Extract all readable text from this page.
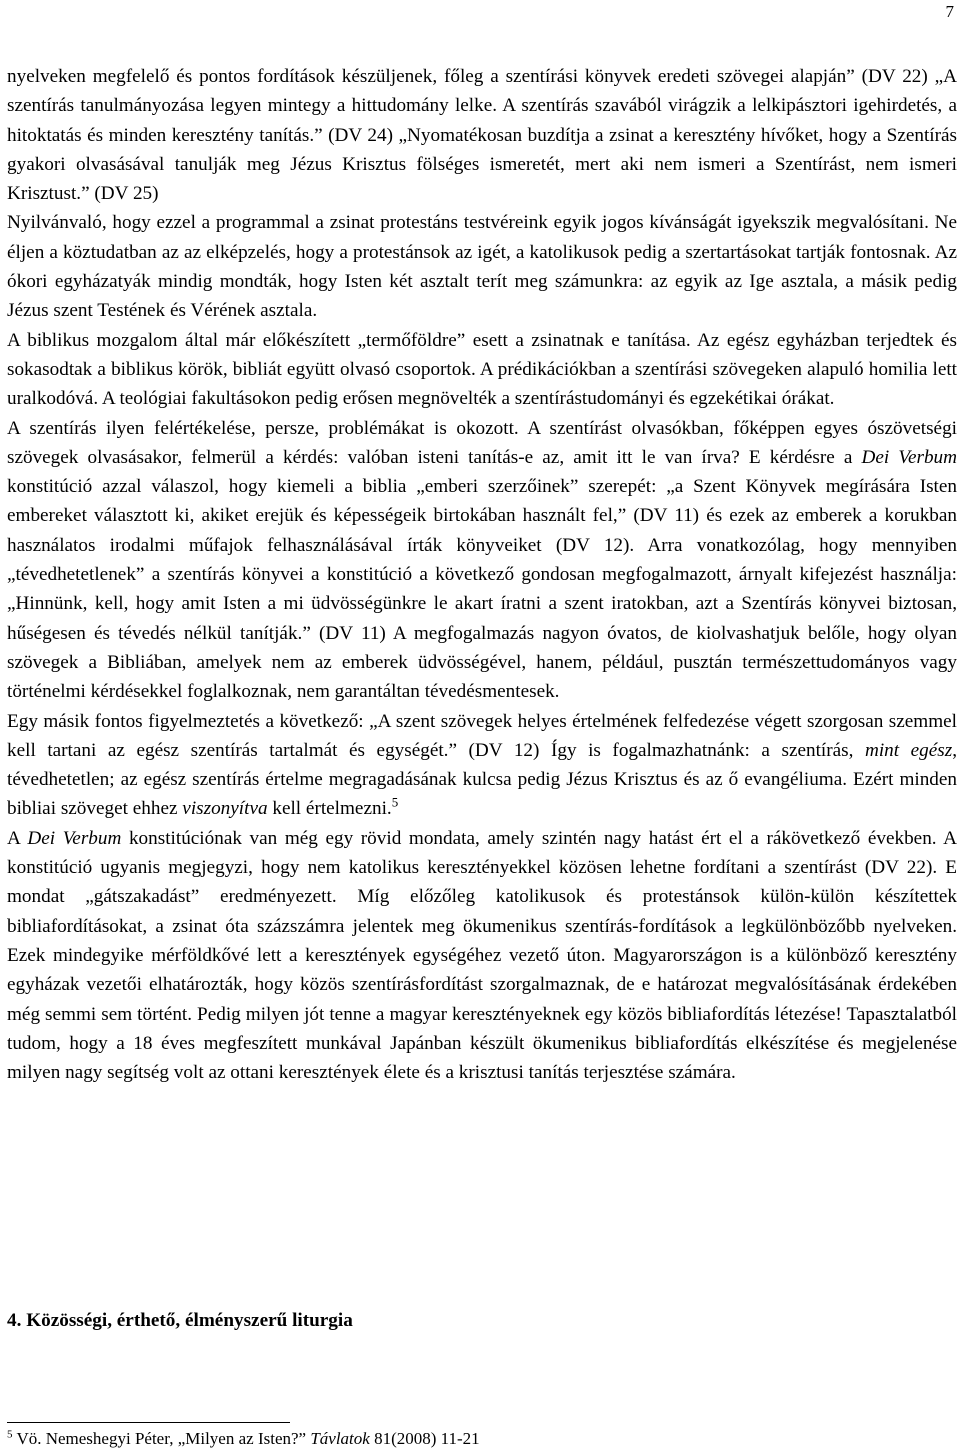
7

nyelveken megfelelő és pontos fordítások készüljenek, főleg a szentírási könyvek eredeti szövegei alapján” (DV 22) „A szentírás tanulmányozása legyen mintegy a hittudomány lelke. A szentírás szavából virágzik a lelkipásztori igehirdetés, a hitoktatás és minden keresztény tanítás.” (DV 24) „Nyomatékosan buzdítja a zsinat a keresztény hívőket, hogy a Szentírás gyakori olvasásával tanulják meg Jézus Krisztus fölséges ismeretét, mert aki nem ismeri a Szentírást, nem ismeri Krisztust.” (DV 25)

Nyilvánvaló, hogy ezzel a programmal a zsinat protestáns testvéreink egyik jogos kívánságát igyekszik megvalósítani. Ne éljen a köztudatban az az elképzelés, hogy a protestánsok az igét, a katolikusok pedig a szertartásokat tartják fontosnak. Az ókori egyházatyák mindig mondták, hogy Isten két asztalt terít meg számunkra: az egyik az Ige asztala, a másik pedig Jézus szent Testének és Vérének asztala.

A biblikus mozgalom által már előkészített „termőföldre” esett a zsinatnak e tanítása. Az egész egyházban terjedtek és sokasodtak a biblikus körök, bibliát együtt olvasó csoportok. A prédikációkban a szentírási szövegeken alapuló homilia lett uralkodóvá. A teológiai fakultásokon pedig erősen megnövelték a szentírástudományi és egzekétikai órákat.

A szentírás ilyen felértékelése, persze, problémákat is okozott. A szentírást olvasókban, főképpen egyes ószövetségi szövegek olvasásakor, felmerül a kérdés: valóban isteni tanítás-e az, amit itt le van írva? E kérdésre a Dei Verbum konstitúció azzal válaszol, hogy kiemeli a biblia „emberi szerzőinek” szerepét: „a Szent Könyvek megírására Isten embereket választott ki, akiket erejük és képességeik birtokában használt fel,” (DV 11) és ezek az emberek a korukban használatos irodalmi műfajok felhasználásával írták könyveiket (DV 12). Arra vonatkozólag, hogy mennyiben „tévedhetetlenek” a szentírás könyvei a konstitúció a következő gondosan megfogalmazott, árnyalt kifejezést használja: „Hinnünk, kell, hogy amit Isten a mi üdvösségünkre le akart íratni a szent iratokban, azt a Szentírás könyvei biztosan, hűségesen és tévedés nélkül tanítják.” (DV 11) A megfogalmazás nagyon óvatos, de kiolvashatjuk belőle, hogy olyan szövegek a Bibliában, amelyek nem az emberek üdvösségével, hanem, például, pusztán természettudományos vagy történelmi kérdésekkel foglalkoznak, nem garantáltan tévedésmentesek.

Egy másik fontos figyelmeztetés a következő: „A szent szövegek helyes értelmének felfedezése végett szorgosan szemmel kell tartani az egész szentírás tartalmát és egységét.” (DV 12) Így is fogalmazhatnánk: a szentírás, mint egész, tévedhetetlen; az egész szentírás értelme megragadásának kulcsa pedig Jézus Krisztus és az ő evangéliuma. Ezért minden bibliai szöveget ehhez viszonyítva kell értelmezni.$^5$

A Dei Verbum konstitúciónak van még egy rövid mondata, amely szintén nagy hatást ért el a rákövetkező években. A konstitúció ugyanis megjegyzi, hogy nem katolikus keresztényekkel közösen lehetne fordítani a szentírást (DV 22). E mondat „gátszakadást” eredményezett. Míg előzőleg katolikusok és protestánsok külön-külön készítettek bibliafordításokat, a zsinat óta százszámra jelentek meg ökumenikus szentírás-fordítások a legkülönbözőbb nyelveken. Ezek mindegyike mérföldkővé lett a keresztények egységéhez vezető úton. Magyarországon is a különböző keresztény egyházak vezetői elhatározták, hogy közös szentírásfordítást szorgalmaznak, de e határozat megvalósításának érdekében még semmi sem történt. Pedig milyen jót tenne a magyar keresztényeknek egy közös bibliafordítás létezése! Tapasztalatból tudom, hogy a 18 éves megfeszített munkával Japánban készült ökumenikus bibliafordítás elkészítése és megjelenése milyen nagy segítség volt az ottani keresztények élete és a krisztusi tanítás terjesztése számára.

4. Közösségi, érthető, élményszerű liturgia
$^5$ Vö. Nemeshegyi Péter, „Milyen az Isten?” Távlatok 81(2008) 11-21
